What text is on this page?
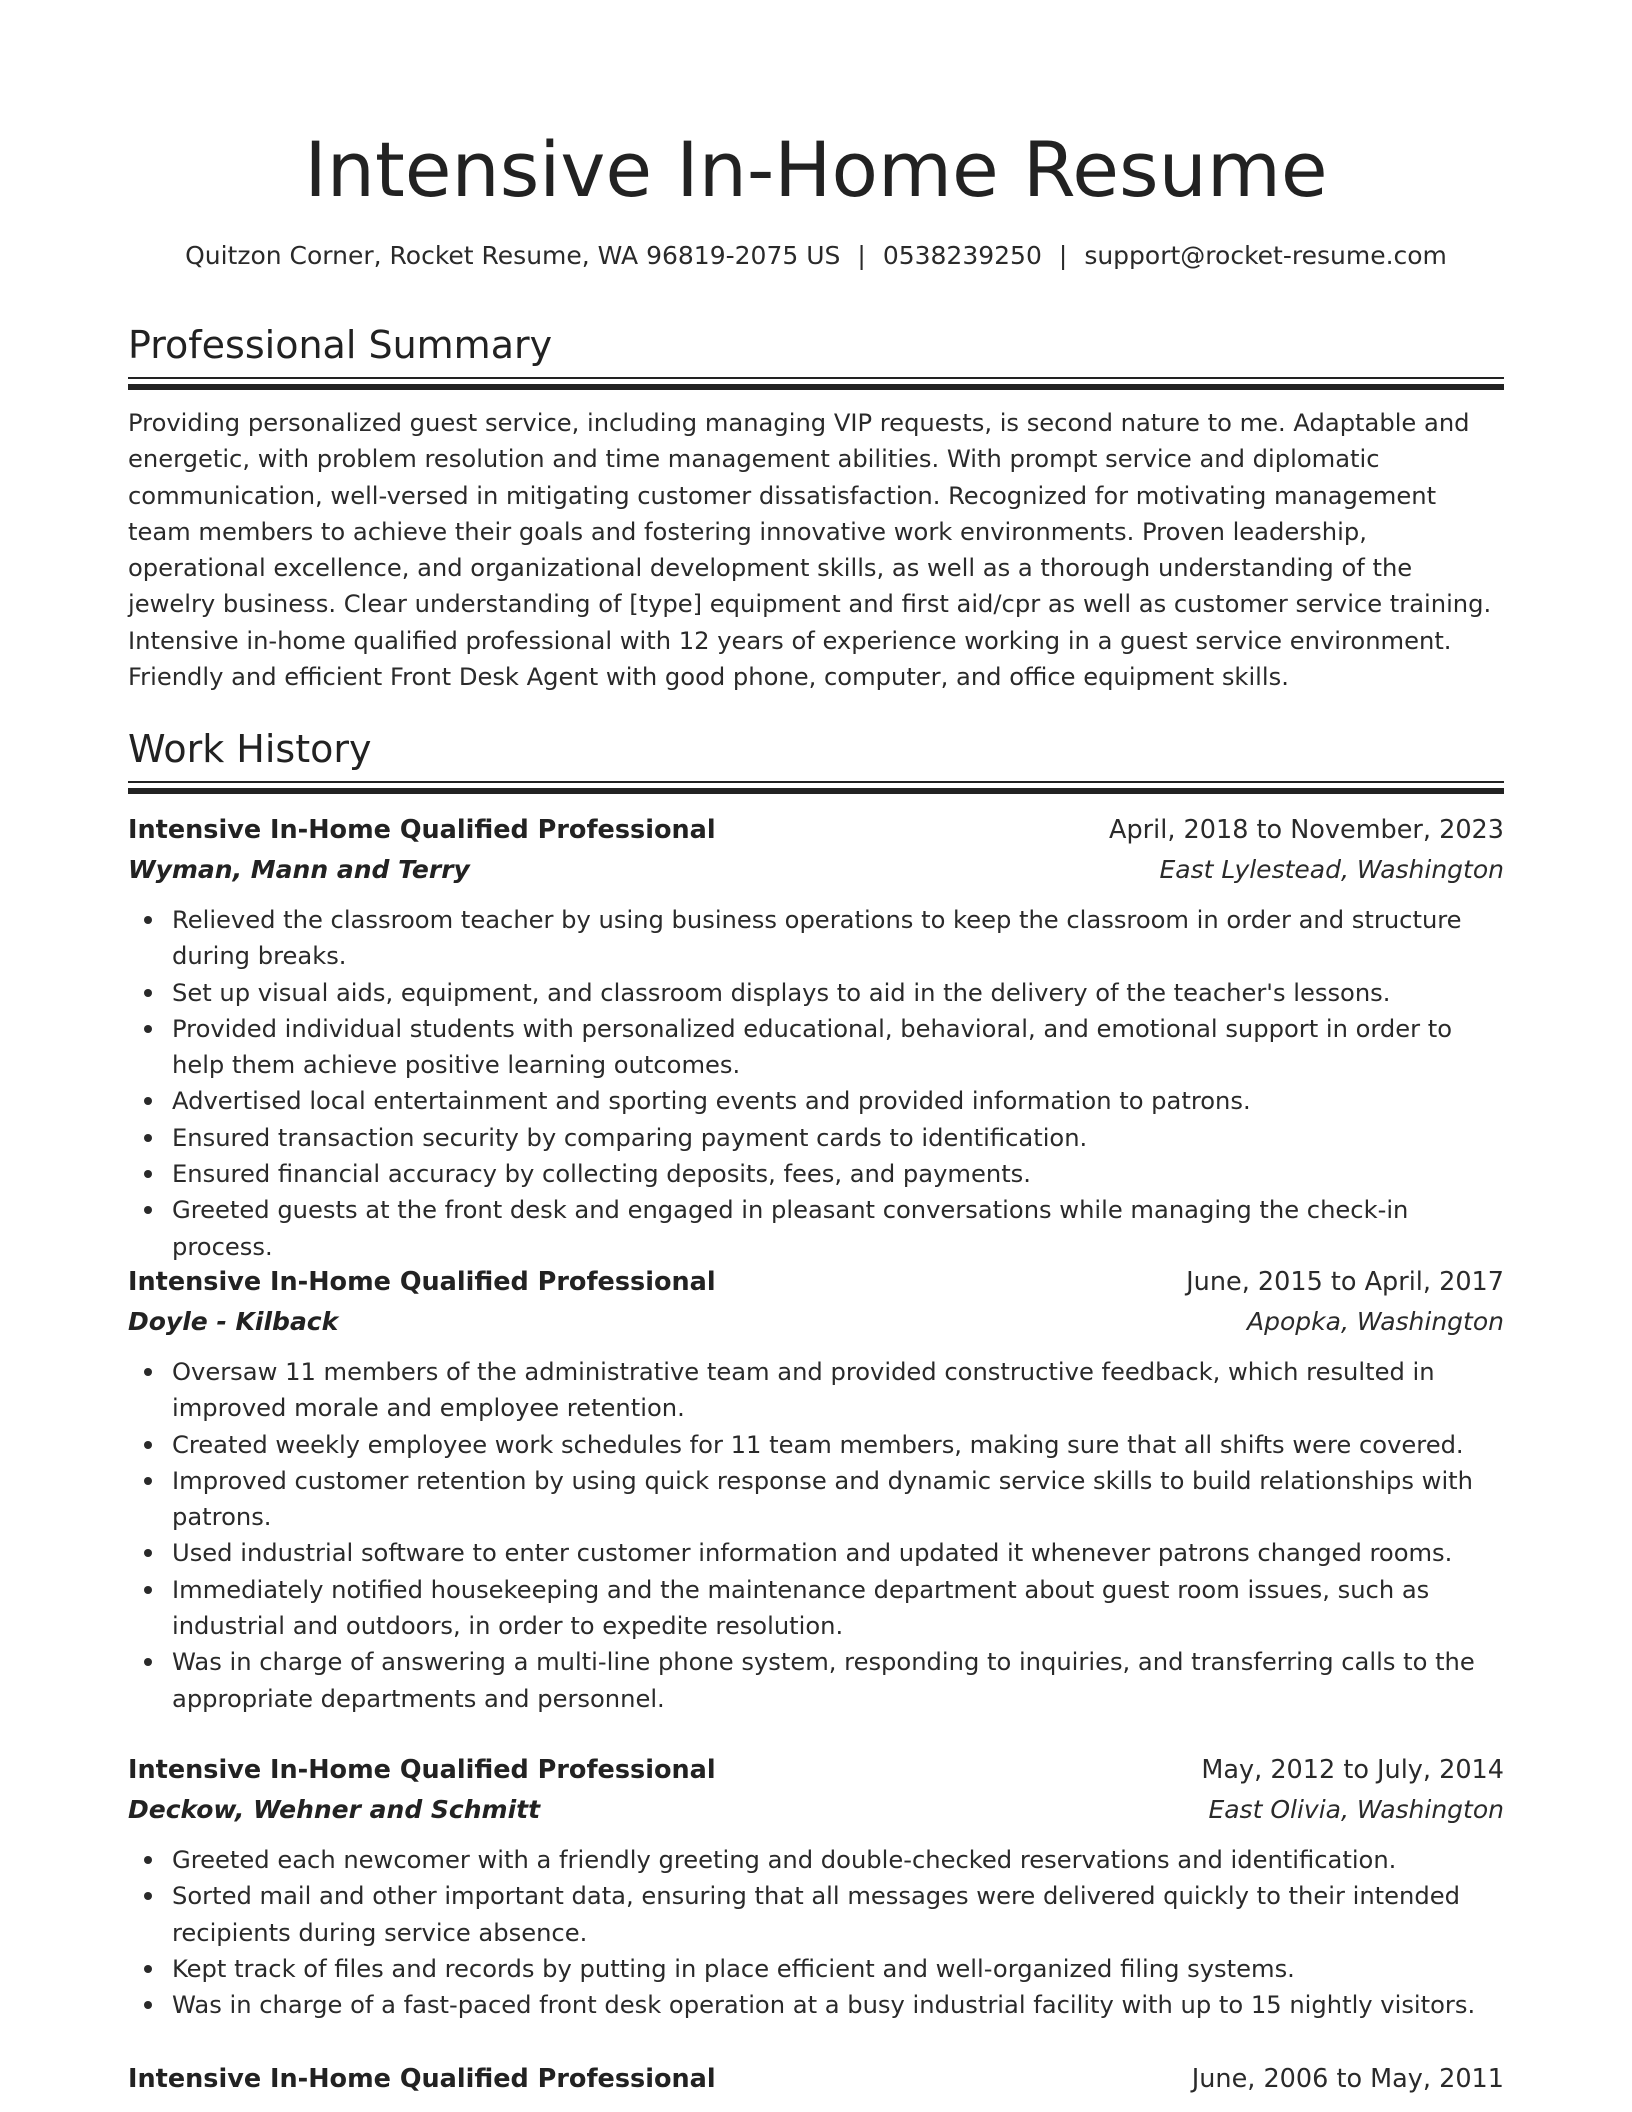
Intensive In-Home Resume
Quitzon Corner, Rocket Resume, WA 96819-2075 US | 0538239250 | support@rocket-resume.com
Professional Summary

Providing personalized guest service, including managing VIP requests, is second nature to me. Adaptable and energetic, with problem resolution and time management abilities. With prompt service and diplomatic communication, well-versed in mitigating customer dissatisfaction. Recognized for motivating management team members to achieve their goals and fostering innovative work environments. Proven leadership, operational excellence, and organizational development skills, as well as a thorough understanding of the jewelry business. Clear understanding of [type] equipment and first aid/cpr as well as customer service training. Intensive in-home qualified professional with 12 years of experience working in a guest service environment. Friendly and efficient Front Desk Agent with good phone, computer, and office equipment skills.

Work History
Intensive In-Home Qualified Professional	April, 2018 to November, 2023
Wyman, Mann and Terry	East Lylestead, Washington
Relieved the classroom teacher by using business operations to keep the classroom in order and structure during breaks.
Set up visual aids, equipment, and classroom displays to aid in the delivery of the teacher's lessons.
Provided individual students with personalized educational, behavioral, and emotional support in order to help them achieve positive learning outcomes.
Advertised local entertainment and sporting events and provided information to patrons.
Ensured transaction security by comparing payment cards to identification.
Ensured financial accuracy by collecting deposits, fees, and payments.
Greeted guests at the front desk and engaged in pleasant conversations while managing the check-in process.
Intensive In-Home Qualified Professional	June, 2015 to April, 2017
Doyle - Kilback	Apopka, Washington
Oversaw 11 members of the administrative team and provided constructive feedback, which resulted in improved morale and employee retention.
Created weekly employee work schedules for 11 team members, making sure that all shifts were covered.
Improved customer retention by using quick response and dynamic service skills to build relationships with patrons.
Used industrial software to enter customer information and updated it whenever patrons changed rooms.
Immediately notified housekeeping and the maintenance department about guest room issues, such as industrial and outdoors, in order to expedite resolution.
Was in charge of answering a multi-line phone system, responding to inquiries, and transferring calls to the appropriate departments and personnel.
Intensive In-Home Qualified Professional	May, 2012 to July, 2014
Deckow, Wehner and Schmitt	East Olivia, Washington
Greeted each newcomer with a friendly greeting and double-checked reservations and identification.
Sorted mail and other important data, ensuring that all messages were delivered quickly to their intended recipients during service absence.
Kept track of files and records by putting in place efficient and well-organized filing systems.
Was in charge of a fast-paced front desk operation at a busy industrial facility with up to 15 nightly visitors.
Intensive In-Home Qualified Professional	June, 2006 to May, 2011
